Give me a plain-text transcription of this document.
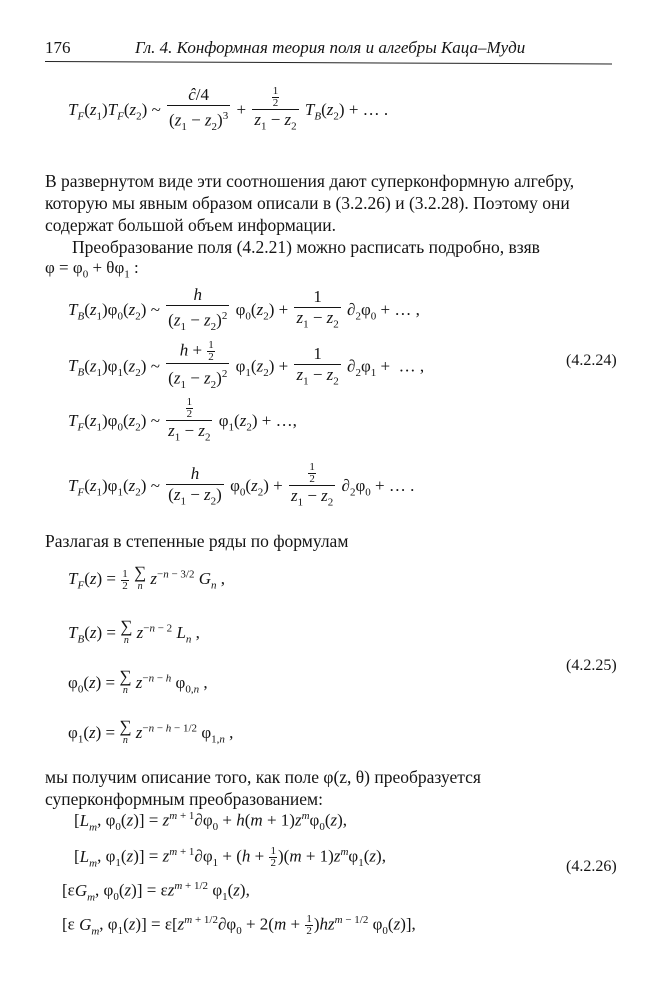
176	Гл. 4. Конформная теория поля и алгебры Каца–Муди
$T_F(z_1)T_F(z_2)$ ~ $\frac{ĉ/4}{(z_1 - z_2)^3} + \frac{\frac{1}{2}}{z_1 - z_2} T_B(z_2)$ + … .

В развернутом виде эти соотношения дают суперконформную алгебру, которую мы явным образом описали в (3.2.26) и (3.2.28). Поэтому они содержат большой объем информации.

Преобразование поля (4.2.21) можно расписать подробно, взяв

$\varphi = \varphi_0 + \theta\varphi_1$ :
$T_B(z_1)\varphi_0(z_2)$ ~ $\frac{h}{(z_1 - z_2)^2} \varphi_0(z_2) + \frac{1}{z_1 - z_2} \partial_2\varphi_0$ + … ,
$T_B(z_1)\varphi_1(z_2)$ ~ $\frac{h + \frac{1}{2}}{(z_1 - z_2)^2} \varphi_1(z_2) + \frac{1}{z_1 - z_2} \partial_2\varphi_1$ +  … ,	(4.2.24)
$T_F(z_1)\varphi_0(z_2)$ ~ $\frac{\frac{1}{2}}{z_1 - z_2} \varphi_1(z_2)$ + …,
$T_F(z_1)\varphi_1(z_2)$ ~ $\frac{h}{(z_1 - z_2)} \varphi_0(z_2) + \frac{\frac{1}{2}}{z_1 - z_2} \partial_2\varphi_0$ + … .

Разлагая в степенные ряды по формулам

$T_F(z) = \frac{1}{2}$
∑
n $z^{-n - 3/2}$ $G_n$ ,
$T_B(z)$ = ∑
n $z^{-n - 2}$ $L_n$ ,
(4.2.25)
$\varphi_0(z)$ = ∑
n $z^{-n - h}$ $\varphi_{0,n}$ ,
$\varphi_1(z)$ = ∑
n $z^{-n - h - 1/2}$ $\varphi_{1,n}$ ,

мы получим описание того, как поле φ(z, θ) преобразуется суперконформным преобразованием:

[$L_m$, $\varphi_0(z)] = z^{m + 1}\partial\varphi_0 + h(m + 1)z^m\varphi_0(z)$,
[$L_m$, $\varphi_1(z)] = z^{m + 1}\partial\varphi_1 + (h + \frac{1}{2} )(m + 1)z^m\varphi_1(z)$,
(4.2.26)
[$\varepsilon G_m$, $\varphi_0(z)] = \varepsilon z^{m + 1/2}$ $\varphi_1(z)$,
[ε $G_m$, $\varphi_1(z)] = \varepsilon[z^{m + 1/2}\partial\varphi_0 + 2(m + \frac{1}{2} )hz^{m - 1/2}$ $\varphi_0(z)$],
